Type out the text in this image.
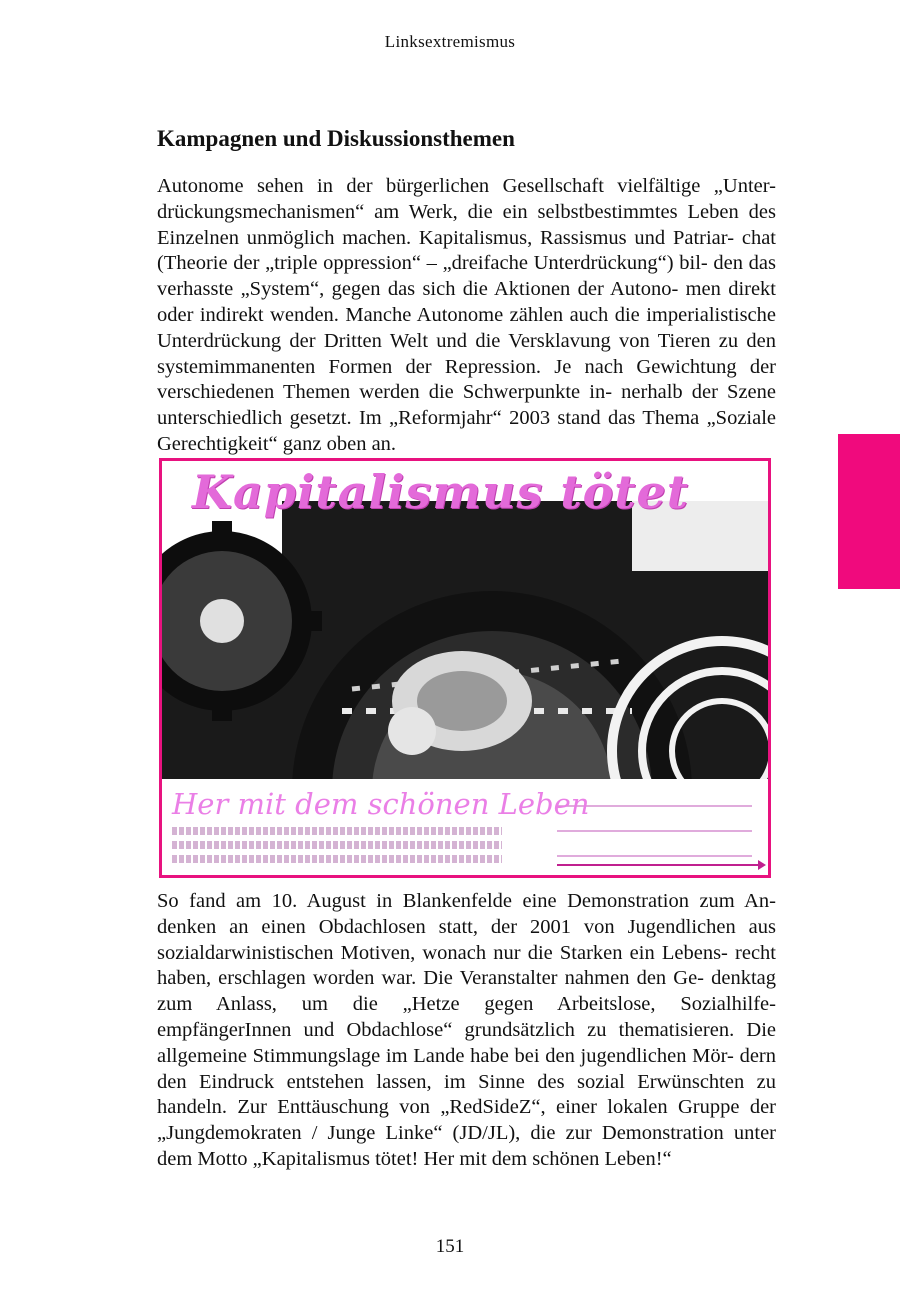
Linksextremismus
Kampagnen und Diskussionsthemen
Autonome sehen in der bürgerlichen Gesellschaft vielfältige „Unter- drückungsmechanismen“ am Werk, die ein selbstbestimmtes Leben des Einzelnen unmöglich machen. Kapitalismus, Rassismus und Patriar- chat (Theorie der „triple oppression“ – „dreifache Unterdrückung“) bil- den das verhasste „System“, gegen das sich die Aktionen der Autono- men direkt oder indirekt wenden. Manche Autonome zählen auch die imperialistische Unterdrückung der Dritten Welt und die Versklavung von Tieren zu den systemimmanenten Formen der Repression. Je nach Gewichtung der verschiedenen Themen werden die Schwerpunkte in- nerhalb der Szene unterschiedlich gesetzt. Im „Reformjahr“ 2003 stand das Thema „Soziale Gerechtigkeit“ ganz oben an.
Kapitalismus tötet
Her mit dem schönen Leben
So fand am 10. August in Blankenfelde eine Demonstration zum An- denken an einen Obdachlosen statt, der 2001 von Jugendlichen aus sozialdarwinistischen Motiven, wonach nur die Starken ein Lebens- recht haben, erschlagen worden war. Die Veranstalter nahmen den Ge- denktag zum Anlass, um die „Hetze gegen Arbeitslose, Sozialhilfe- empfängerInnen und Obdachlose“ grundsätzlich zu thematisieren. Die allgemeine Stimmungslage im Lande habe bei den jugendlichen Mör- dern den Eindruck entstehen lassen, im Sinne des sozial Erwünschten zu handeln. Zur Enttäuschung von „RedSideZ“, einer lokalen Gruppe der „Jungdemokraten / Junge Linke“ (JD/JL), die zur Demonstration unter dem Motto „Kapitalismus tötet! Her mit dem schönen Leben!“
151
